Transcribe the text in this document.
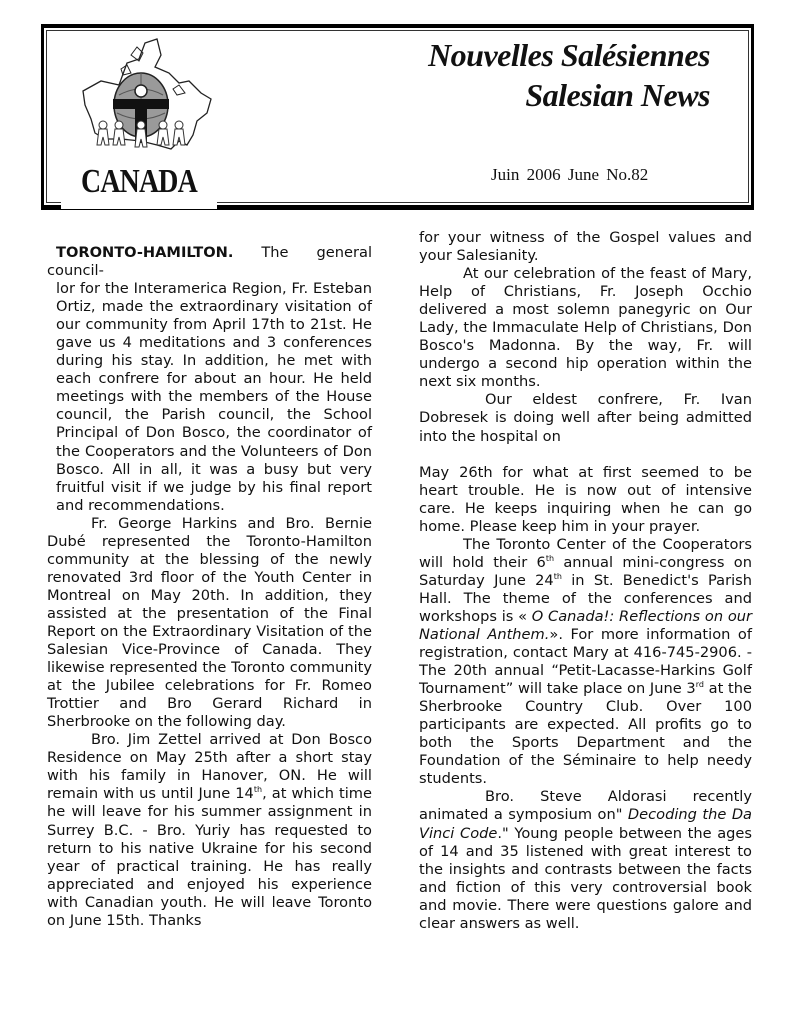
CANADA
Nouvelles Salésiennes
Salesian News
Juin 2006 June No.82

TORONTO-HAMILTON. The general council-

lor for the Interamerica Region, Fr. Esteban Ortiz, made the extraordinary visitation of our community from April 17th to 21st. He gave us 4 meditations and 3 conferences during his stay. In addition, he met with each confrere for about an hour. He held meetings with the members of the House council, the Parish council, the School Principal of Don Bosco, the coordinator of the Cooperators and the Volunteers of Don Bosco. All in all, it was a busy but very fruitful visit if we judge by his final report and recommendations.

Fr. George Harkins and Bro. Bernie Dubé represented the Toronto-Hamilton community at the blessing of the newly renovated 3rd floor of the Youth Center in Montreal on May 20th. In addition, they assisted at the presentation of the Final Report on the Extraordinary Visitation of the Salesian Vice-Province of Canada. They likewise represented the Toronto community at the Jubilee celebrations for Fr. Romeo Trottier and Bro Gerard Richard in Sherbrooke on the following day.

Bro. Jim Zettel arrived at Don Bosco Residence on May 25th after a short stay with his family in Hanover, ON. He will remain with us until June 14th, at which time he will leave for his summer assignment in Surrey B.C. - Bro. Yuriy has requested to return to his native Ukraine for his second year of practical training. He has really appreciated and enjoyed his experience with Canadian youth. He will leave Toronto on June 15th. Thanks

for your witness of the Gospel values and your Salesianity.

At our celebration of the feast of Mary, Help of Christians, Fr. Joseph Occhio delivered a most solemn panegyric on Our Lady, the Immaculate Help of Christians, Don Bosco's Madonna. By the way, Fr. will undergo a second hip operation within the next six months.

Our eldest confrere, Fr. Ivan Dobresek is doing well after being admitted into the hospital on

May 26th for what at first seemed to be heart trouble. He is now out of intensive care. He keeps inquiring when he can go home. Please keep him in your prayer.

The Toronto Center of the Cooperators will hold their 6th annual mini-congress on Saturday June 24th in St. Benedict's Parish Hall. The theme of the conferences and workshops is « O Canada!: Reflections on our National Anthem.». For more information of registration, contact Mary at 416-745-2906. - The 20th annual “Petit-Lacasse-Harkins Golf Tournament” will take place on June 3rd at the Sherbrooke Country Club. Over 100 participants are expected. All profits go to both the Sports Department and the Foundation of the Séminaire to help needy students.

Bro. Steve Aldorasi recently animated a symposium on" Decoding the Da Vinci Code." Young people between the ages of 14 and 35 listened with great interest to the insights and contrasts between the facts and fiction of this very controversial book and movie. There were questions galore and clear answers as well.
